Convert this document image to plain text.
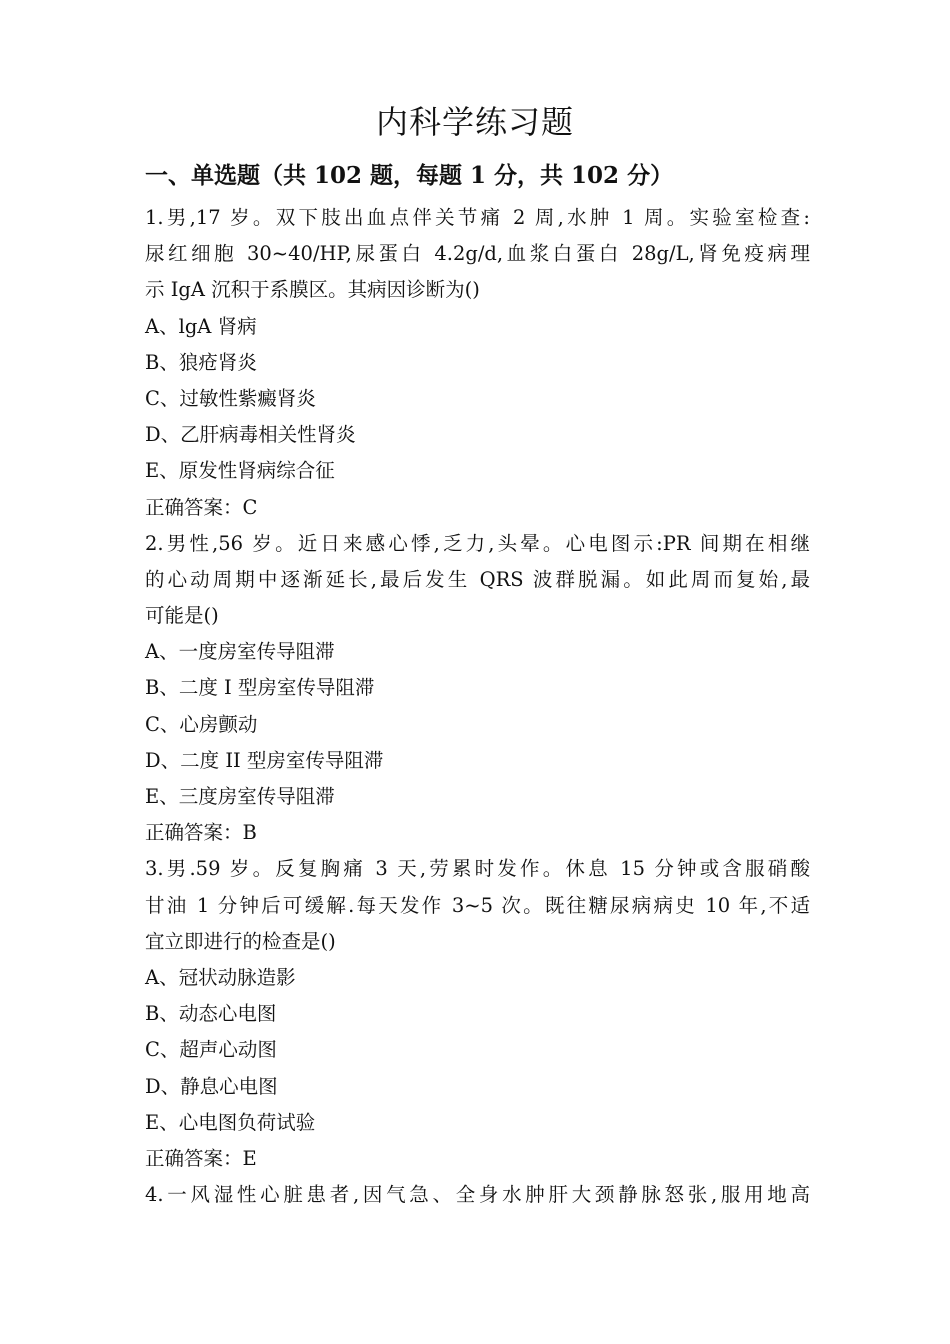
内科学练习题
一、单选题（共 102 题，每题 1 分，共 102 分）
1.男,17 岁。双下肢出血点伴关节痛 2 周,水肿 1 周。实验室检查:
尿红细胞 30~40/HP,尿蛋白 4.2g/d,血浆白蛋白 28g/L,肾免疫病理
示 IgA 沉积于系膜区。其病因诊断为()
A、lgA 肾病
B、狼疮肾炎
C、过敏性紫癜肾炎
D、乙肝病毒相关性肾炎
E、原发性肾病综合征
正确答案：C
2.男性,56 岁。近日来感心悸,乏力,头晕。心电图示:PR 间期在相继
的心动周期中逐渐延长,最后发生 QRS 波群脱漏。如此周而复始,最
可能是()
A、一度房室传导阻滞
B、二度 I 型房室传导阻滞
C、心房颤动
D、二度 II 型房室传导阻滞
E、三度房室传导阻滞
正确答案：B
3.男.59 岁。反复胸痛 3 天,劳累时发作。休息 15 分钟或含服硝酸
甘油 1 分钟后可缓解.每天发作 3~5 次。既往糖尿病病史 10 年,不适
宜立即进行的检查是()
A、冠状动脉造影
B、动态心电图
C、超声心动图
D、静息心电图
E、心电图负荷试验
正确答案：E
4.一风湿性心脏患者,因气急、全身水肿肝大颈静脉怒张,服用地高
